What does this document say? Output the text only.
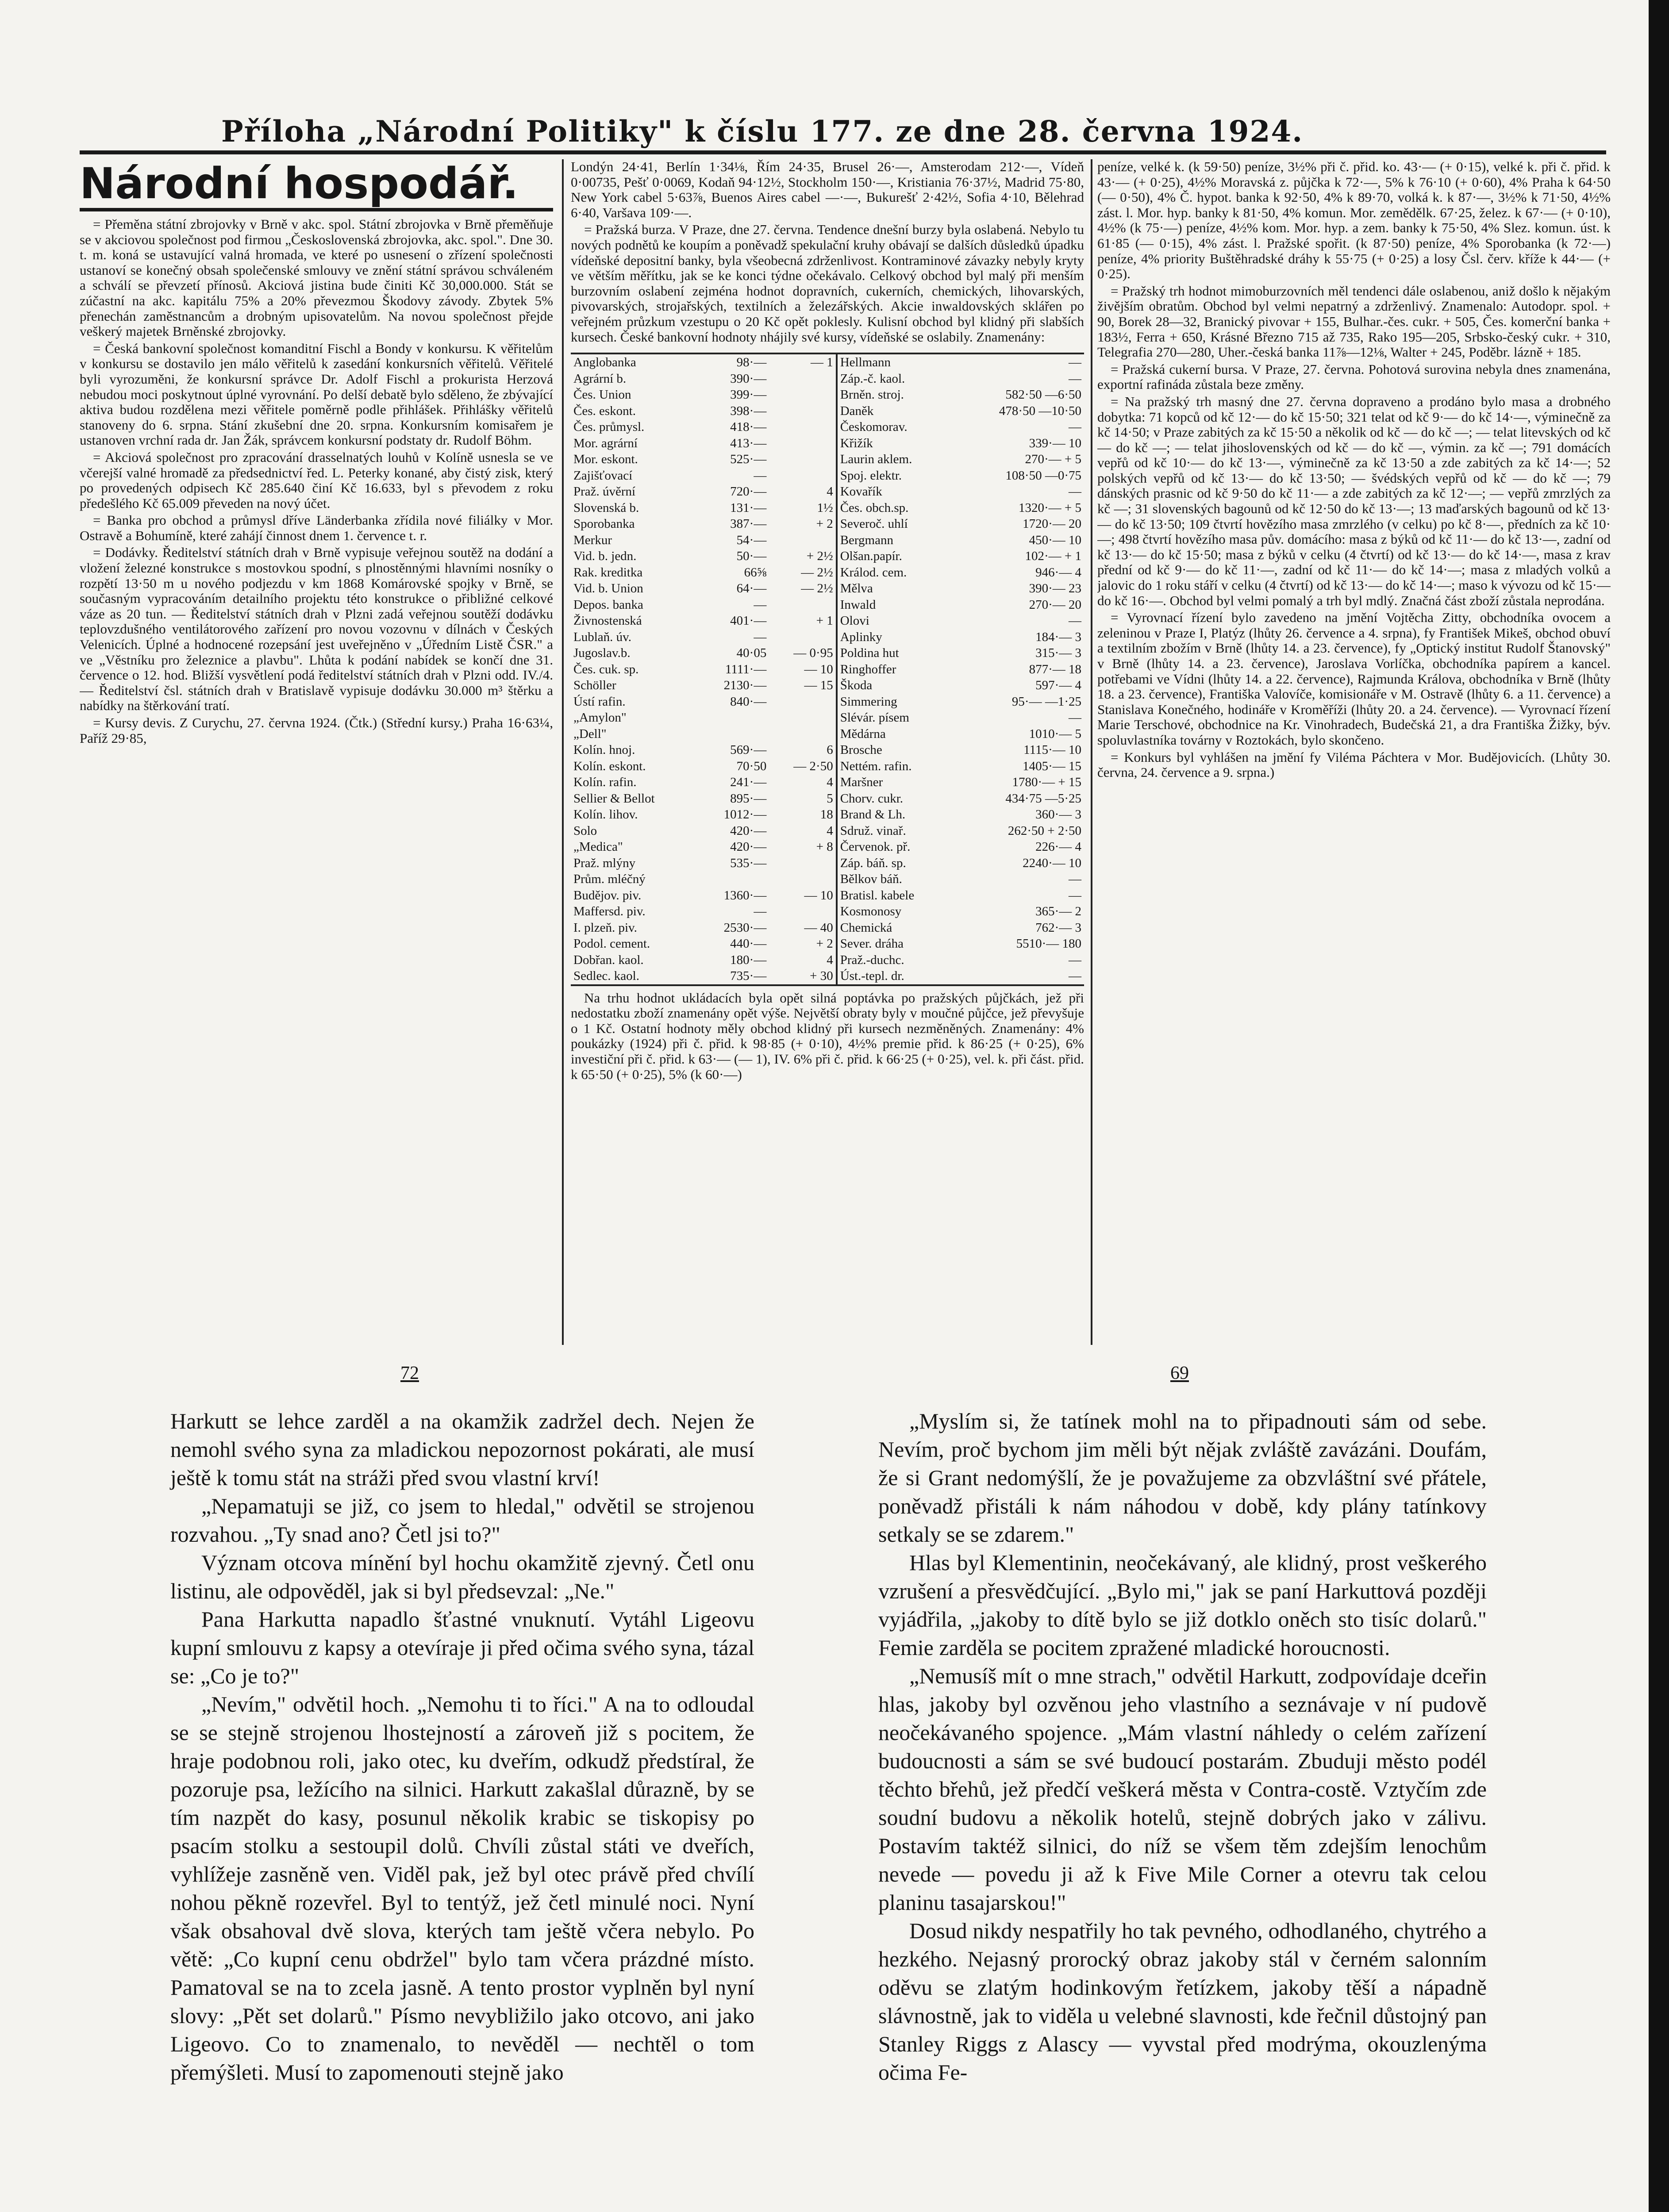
Příloha „Národní Politiky" k číslu 177. ze dne 28. června 1924.
Národní hospodář.

= Přeměna státní zbrojovky v Brně v akc. spol. Státní zbrojovka v Brně přeměňuje se v akciovou společnost pod firmou „Československá zbrojovka, akc. spol.". Dne 30. t. m. koná se ustavující valná hromada, ve které po usnesení o zřízení společnosti ustanoví se konečný obsah společenské smlouvy ve znění státní správou schváleném a schválí se převzetí přínosů. Akciová jistina bude činiti Kč 30,000.000. Stát se zúčastní na akc. kapitálu 75% a 20% převezmou Škodovy závody. Zbytek 5% přenechán zaměstnancům a drobným upisovatelům. Na novou společnost přejde veškerý majetek Brněnské zbrojovky.

= Česká bankovní společnost komanditní Fischl a Bondy v konkursu. K věřitelům v konkursu se dostavilo jen málo věřitelů k zasedání konkursních věřitelů. Věřitelé byli vyrozuměni, že konkursní správce Dr. Adolf Fischl a prokurista Herzová nebudou moci poskytnout úplné vyrovnání. Po delší debatě bylo sděleno, že zbývající aktiva budou rozdělena mezi věřitele poměrně podle přihlášek. Přihlášky věřitelů stanoveny do 6. srpna. Stání zkušební dne 20. srpna. Konkursním komisařem je ustanoven vrchní rada dr. Jan Žák, správcem konkursní podstaty dr. Rudolf Böhm.

= Akciová společnost pro zpracování drasselnatých louhů v Kolíně usnesla se ve včerejší valné hromadě za předsednictví řed. L. Peterky konané, aby čistý zisk, který po provedených odpisech Kč 285.640 činí Kč 16.633, byl s převodem z roku předešlého Kč 65.009 převeden na nový účet.

= Banka pro obchod a průmysl dříve Länderbanka zřídila nové filiálky v Mor. Ostravě a Bohumíně, které zahájí činnost dnem 1. července t. r.

= Dodávky. Ředitelství státních drah v Brně vypisuje veřejnou soutěž na dodání a vložení železné konstrukce s mostovkou spodní, s plnostěnnými hlavními nosníky o rozpětí 13·50 m u nového podjezdu v km 1868 Komárovské spojky v Brně, se současným vypracováním detailního projektu této konstrukce o přibližné celkové váze as 20 tun. — Ředitelství státních drah v Plzni zadá veřejnou soutěží dodávku teplovzdušného ventilátorového zařízení pro novou vozovnu v dílnách v Českých Velenicích. Úplné a hodnocené rozepsání jest uveřejněno v „Úředním Listě ČSR." a ve „Věstníku pro železnice a plavbu". Lhůta k podání nabídek se končí dne 31. července o 12. hod. Bližší vysvětlení podá ředitelství státních drah v Plzni odd. IV./4. — Ředitelství čsl. státních drah v Bratislavě vypisuje dodávku 30.000 m³ štěrku a nabídky na štěrkování tratí.

= Kursy devis. Z Curychu, 27. června 1924. (Čtk.) (Střední kursy.) Praha 16·63¼, Paříž 29·85,

Londýn 24·41, Berlín 1·34⅛, Řím 24·35, Brusel 26·—, Amsterodam 212·—, Vídeň 0·00735, Pešť 0·0069, Kodaň 94·12½, Stockholm 150·—, Kristiania 76·37½, Madrid 75·80, New York cabel 5·63⅞, Buenos Aires cabel —·—, Bukurešť 2·42½, Sofia 4·10, Bělehrad 6·40, Varšava 109·—.

= Pražská burza. V Praze, dne 27. června. Tendence dnešní burzy byla oslabená. Nebylo tu nových podnětů ke koupím a poněvadž spekulační kruhy obávají se dalších důsledků úpadku vídeňské depositní banky, byla všeobecná zdrženlivost. Kontraminové závazky nebyly kryty ve větším měřítku, jak se ke konci týdne očekávalo. Celkový obchod byl malý při menším burzovním oslabení zejména hodnot dopravních, cukerních, chemických, lihovarských, pivovarských, strojařských, textilních a železářských. Akcie inwaldovských sklářen po veřejném průzkum vzestupu o 20 Kč opět poklesly. Kulisní obchod byl klidný při slabších kursech. České bankovní hodnoty nhájily své kursy, vídeňské se oslabily. Znamenány:

Anglobanka	98·—	— 1	Hellmann	—
Agrární b.	390·—		Záp.-č. kaol.	—
Čes. Union	399·—		Brněn. stroj.	582·50 —6·50
Čes. eskont.	398·—		Daněk	478·50 —10·50
Čes. průmysl.	418·—		Českomorav.	—
Mor. agrární	413·—		Křižík	339·— 10
Mor. eskont.	525·—		Laurin aklem.	270·— + 5
Zajišťovací	—		Spoj. elektr.	108·50 —0·75
Praž. úvěrní	720·—	4	Kovařík	—
Slovenská b.	131·—	1½	Čes. obch.sp.	1320·— + 5
Sporobanka	387·—	+ 2	Severoč. uhlí	1720·— 20
Merkur	54·—		Bergmann	450·— 10
Vid. b. jedn.	50·—	+ 2½	Olšan.papír.	102·— + 1
Rak. kreditka	66⅝	— 2½	Králod. cem.	946·— 4
Vid. b. Union	64·—	— 2½	Mělva	390·— 23
Depos. banka	—		Inwald	270·— 20
Živnostenská	401·—	+ 1	Olovi	—
Lublaň. úv.	—		Aplinky	184·— 3
Jugoslav.b.	40·05	— 0·95	Poldina hut	315·— 3
Čes. cuk. sp.	1111·—	— 10	Ringhoffer	877·— 18
Schöller	2130·—	— 15	Škoda	597·— 4
Ústí rafin.	840·—		Simmering	95·— —1·25
„Amylon"			Slévár. písem	—
„Dell"			Mědárna	1010·— 5
Kolín. hnoj.	569·—	6	Brosche	1115·— 10
Kolín. eskont.	70·50	— 2·50	Nettém. rafin.	1405·— 15
Kolín. rafin.	241·—	4	Maršner	1780·— + 15
Sellier & Bellot	895·—	5	Chorv. cukr.	434·75 —5·25
Kolín. lihov.	1012·—	18	Brand & Lh.	360·— 3
Solo	420·—	4	Sdruž. vinař.	262·50 + 2·50
„Medica"	420·—	+ 8	Červenok. př.	226·— 4
Praž. mlýny	535·—		Záp. báň. sp.	2240·— 10
Prům. mléčný			Bělkov báň.	—
Budějov. piv.	1360·—	— 10	Bratisl. kabele	—
Maffersd. piv.	—		Kosmonosy	365·— 2
I. plzeň. piv.	2530·—	— 40	Chemická	762·— 3
Podol. cement.	440·—	+ 2	Sever. dráha	5510·— 180
Dobřan. kaol.	180·—	4	Praž.-duchc.	—
Sedlec. kaol.	735·—	+ 30	Úst.-tepl. dr.	—

Na trhu hodnot ukládacích byla opět silná poptávka po pražských půjčkách, jež při nedostatku zboží znamenány opět výše. Největší obraty byly v moučné půjčce, jež převyšuje o 1 Kč. Ostatní hodnoty měly obchod klidný při kursech nezměněných. Znamenány: 4% poukázky (1924) při č. přid. k 98·85 (+ 0·10), 4½% premie přid. k 86·25 (+ 0·25), 6% investiční při č. přid. k 63·— (— 1), IV. 6% při č. přid. k 66·25 (+ 0·25), vel. k. při část. přid. k 65·50 (+ 0·25), 5% (k 60·—)

peníze, velké k. (k 59·50) peníze, 3½% při č. přid. ko. 43·— (+ 0·15), velké k. při č. přid. k 43·— (+ 0·25), 4½% Moravská z. půjčka k 72·—, 5% k 76·10 (+ 0·60), 4% Praha k 64·50 (— 0·50), 4% Č. hypot. banka k 92·50, 4% k 89·70, volká k. k 87·—, 3½% k 71·50, 4½% zást. l. Mor. hyp. banky k 81·50, 4% komun. Mor. zemědělk. 67·25, želez. k 67·— (+ 0·10), 4½% (k 75·—) peníze, 4½% kom. Mor. hyp. a zem. banky k 75·50, 4% Slez. komun. úst. k 61·85 (— 0·15), 4% zást. l. Pražské spořit. (k 87·50) peníze, 4% Sporobanka (k 72·—) peníze, 4% priority Buštěhradské dráhy k 55·75 (+ 0·25) a losy Čsl. červ. kříže k 44·— (+ 0·25).

= Pražský trh hodnot mimoburzovních měl tendenci dále oslabenou, aniž došlo k nějakým živějším obratům. Obchod byl velmi nepatrný a zdrženlivý. Znamenalo: Autodopr. spol. + 90, Borek 28—32, Branický pivovar + 155, Bulhar.-čes. cukr. + 505, Čes. komerční banka + 183½, Ferra + 650, Krásné Březno 715 až 735, Rako 195—205, Srbsko-český cukr. + 310, Telegrafia 270—280, Uher.-česká banka 11⅞—12⅛, Walter + 245, Poděbr. lázně + 185.

= Pražská cukerní bursa. V Praze, 27. června. Pohotová surovina nebyla dnes znamenána, exportní rafináda zůstala beze změny.

= Na pražský trh masný dne 27. června dopraveno a prodáno bylo masa a drobného dobytka: 71 kopců od kč 12·— do kč 15·50; 321 telat od kč 9·— do kč 14·—, výminečně za kč 14·50; v Praze zabitých za kč 15·50 a několik od kč — do kč —; — telat litevských od kč — do kč —; — telat jihoslovenských od kč — do kč —, výmin. za kč —; 791 domácích vepřů od kč 10·— do kč 13·—, výminečně za kč 13·50 a zde zabitých za kč 14·—; 52 polských vepřů od kč 13·— do kč 13·50; — švédských vepřů od kč — do kč —; 79 dánských prasnic od kč 9·50 do kč 11·— a zde zabitých za kč 12·—; — vepřů zmrzlých za kč —; 31 slovenských bagounů od kč 12·50 do kč 13·—; 13 maďarských bagounů od kč 13·— do kč 13·50; 109 čtvrtí hovězího masa zmrzlého (v celku) po kč 8·—, předních za kč 10·—; 498 čtvrtí hovězího masa pův. domácího: masa z býků od kč 11·— do kč 13·—, zadní od kč 13·— do kč 15·50; masa z býků v celku (4 čtvrtí) od kč 13·— do kč 14·—, masa z krav přední od kč 9·— do kč 11·—, zadní od kč 11·— do kč 14·—; masa z mladých volků a jalovic do 1 roku stáří v celku (4 čtvrtí) od kč 13·— do kč 14·—; maso k vývozu od kč 15·— do kč 16·—. Obchod byl velmi pomalý a trh byl mdlý. Značná část zboží zůstala neprodána.

= Vyrovnací řízení bylo zavedeno na jmění Vojtěcha Zitty, obchodníka ovocem a zeleninou v Praze I, Platýz (lhůty 26. července a 4. srpna), fy František Mikeš, obchod obuví a textilním zbožím v Brně (lhůty 14. a 23. července), fy „Optický institut Rudolf Štanovský" v Brně (lhůty 14. a 23. července), Jaroslava Vorlíčka, obchodníka papírem a kancel. potřebami ve Vídni (lhůty 14. a 22. července), Rajmunda Králova, obchodníka v Brně (lhůty 18. a 23. července), Františka Valovíče, komisionáře v M. Ostravě (lhůty 6. a 11. července) a Stanislava Konečného, hodináře v Kroměříži (lhůty 20. a 24. července). — Vyrovnací řízení Marie Terschové, obchodnice na Kr. Vinohradech, Budečská 21, a dra Františka Žižky, býv. spoluvlastníka továrny v Roztokách, bylo skončeno.

= Konkurs byl vyhlášen na jmění fy Viléma Páchtera v Mor. Budějovicích. (Lhůty 30. června, 24. července a 9. srpna.)

72	69

Harkutt se lehce zarděl a na okamžik zadržel dech. Nejen že nemohl svého syna za mladickou nepozornost pokárati, ale musí ještě k tomu stát na stráži před svou vlastní krví!

„Nepamatuji se již, co jsem to hledal," odvětil se strojenou rozvahou. „Ty snad ano? Četl jsi to?"

Význam otcova mínění byl hochu okamžitě zjevný. Četl onu listinu, ale odpověděl, jak si byl předsevzal: „Ne."

Pana Harkutta napadlo šťastné vnuknutí. Vytáhl Ligeovu kupní smlouvu z kapsy a otevíraje ji před očima svého syna, tázal se: „Co je to?"

„Nevím," odvětil hoch. „Nemohu ti to říci." A na to odloudal se se stejně strojenou lhostejností a zároveň již s pocitem, že hraje podobnou roli, jako otec, ku dveřím, odkudž předstíral, že pozoruje psa, ležícího na silnici. Harkutt zakašlal důrazně, by se tím nazpět do kasy, posunul několik krabic se tiskopisy po psacím stolku a sestoupil dolů. Chvíli zůstal státi ve dveřích, vyhlížeje zasněně ven. Viděl pak, jež byl otec právě před chvílí nohou pěkně rozevřel. Byl to tentýž, jež četl minulé noci. Nyní však obsahoval dvě slova, kterých tam ještě včera nebylo. Po větě: „Co kupní cenu obdržel" bylo tam včera prázdné místo. Pamatoval se na to zcela jasně. A tento prostor vyplněn byl nyní slovy: „Pět set dolarů." Písmo nevybližilo jako otcovo, ani jako Ligeovo. Co to znamenalo, to nevěděl — nechtěl o tom přemýšleti. Musí to zapomenouti stejně jako

„Myslím si, že tatínek mohl na to připadnouti sám od sebe. Nevím, proč bychom jim měli být nějak zvláště zavázáni. Doufám, že si Grant nedomýšlí, že je považujeme za obzvláštní své přátele, poněvadž přistáli k nám náhodou v době, kdy plány tatínkovy setkaly se se zdarem."

Hlas byl Klementinin, neočekávaný, ale klidný, prost veškerého vzrušení a přesvědčující. „Bylo mi," jak se paní Harkuttová později vyjádřila, „jakoby to dítě bylo se již dotklo oněch sto tisíc dolarů." Femie zarděla se pocitem zpražené mladické horoucnosti.

„Nemusíš mít o mne strach," odvětil Harkutt, zodpovídaje dceřin hlas, jakoby byl ozvěnou jeho vlastního a seznávaje v ní pudově neočekávaného spojence. „Mám vlastní náhledy o celém zařízení budoucnosti a sám se své budoucí postarám. Zbuduji město podél těchto břehů, jež předčí veškerá města v Contra-costě. Vztyčím zde soudní budovu a několik hotelů, stejně dobrých jako v zálivu. Postavím taktéž silnici, do níž se všem těm zdejším lenochům nevede — povedu ji až k Five Mile Corner a otevru tak celou planinu tasajarskou!"

Dosud nikdy nespatřily ho tak pevného, odhodlaného, chytrého a hezkého. Nejasný prorocký obraz jakoby stál v černém salonním oděvu se zlatým hodinkovým řetízkem, jakoby těší a nápadně slávnostně, jak to viděla u velebné slavnosti, kde řečnil důstojný pan Stanley Riggs z Alascy — vyvstal před modrýma, okouzlenýma očima Fe-
